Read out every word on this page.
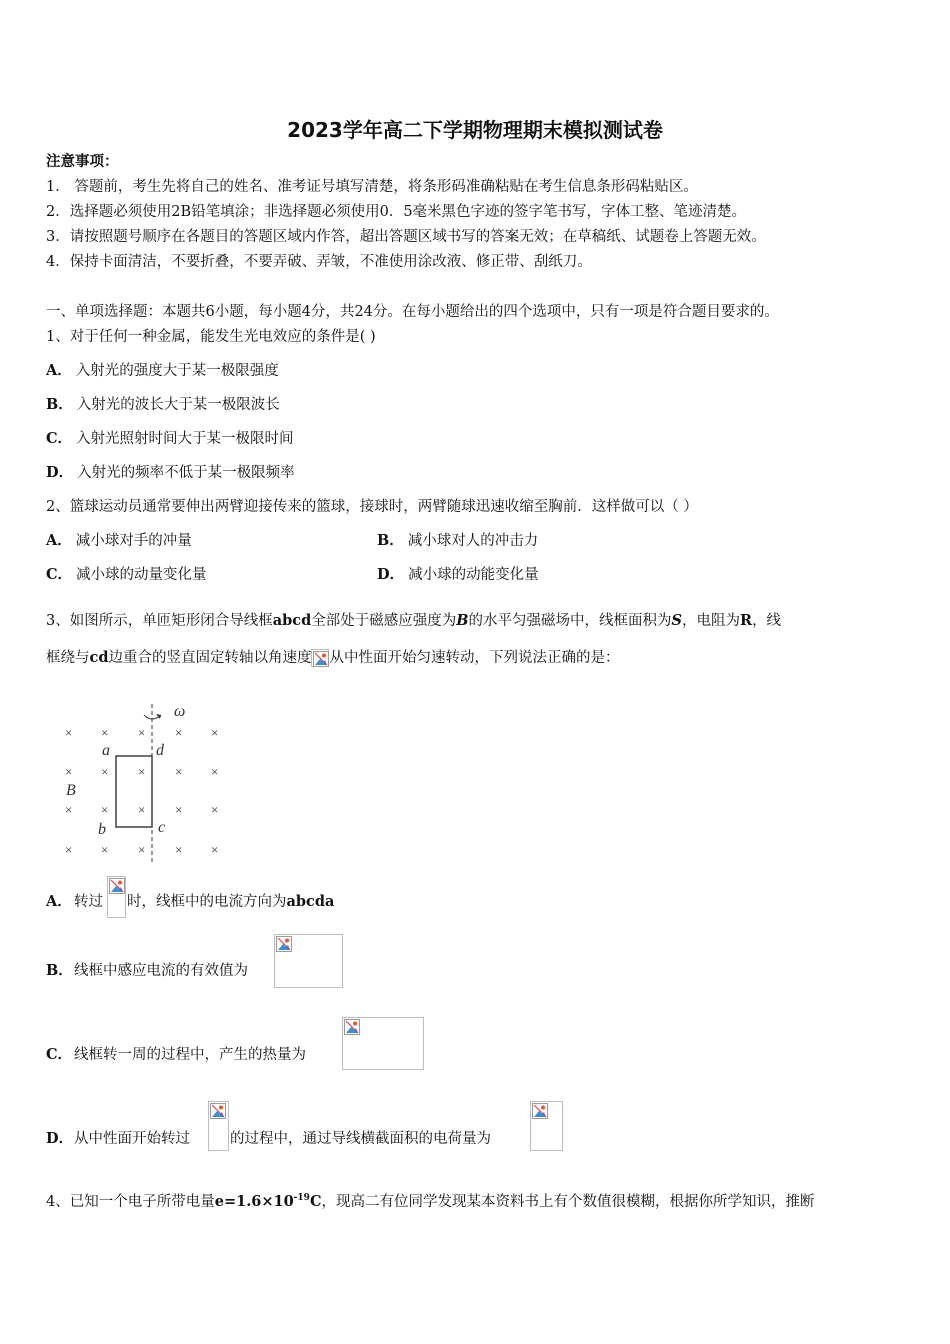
2023学年高二下学期物理期末模拟测试卷
注意事项：
1． 答题前，考生先将自己的姓名、准考证号填写清楚，将条形码准确粘贴在考生信息条形码粘贴区。
2．选择题必须使用2B铅笔填涂；非选择题必须使用0．5毫米黑色字迹的签字笔书写，字体工整、笔迹清楚。
3．请按照题号顺序在各题目的答题区域内作答，超出答题区域书写的答案无效；在草稿纸、试题卷上答题无效。
4．保持卡面清洁，不要折叠，不要弄破、弄皱，不准使用涂改液、修正带、刮纸刀。
一、单项选择题：本题共6小题，每小题4分，共24分。在每小题给出的四个选项中，只有一项是符合题目要求的。
1、对于任何一种金属，能发生光电效应的条件是( )
A． 入射光的强度大于某一极限强度
B． 入射光的波长大于某一极限波长
C． 入射光照射时间大于某一极限时间
D． 入射光的频率不低于某一极限频率
2、篮球运动员通常要伸出两臂迎接传来的篮球，接球时，两臂随球迅速收缩至胸前．这样做可以（ ）
A． 减小球对手的冲量	B． 减小球对人的冲击力
C． 减小球的动量变化量	D． 减小球的动能变化量
3、如图所示，单匝矩形闭合导线框abcd全部处于磁感应强度为B的水平匀强磁场中，线框面积为S，电阻为R，线
框绕与cd边重合的竖直固定转轴以角速度 从中性面开始匀速转动，下列说法正确的是：
× × × × ×
× × × × ×
× × × × ×
× × × × ×
ω
a	d
B
b	c
A． 转过 时，线框中的电流方向为abcda
B． 线框中感应电流的有效值为
C． 线框转一周的过程中，产生的热量为
D． 从中性面开始转过	的过程中，通过导线横截面积的电荷量为
4、已知一个电子所带电量$e=1.6\times 10^{-19}C$，现高二有位同学发现某本资料书上有个数值很模糊，根据你所学知识，推断
